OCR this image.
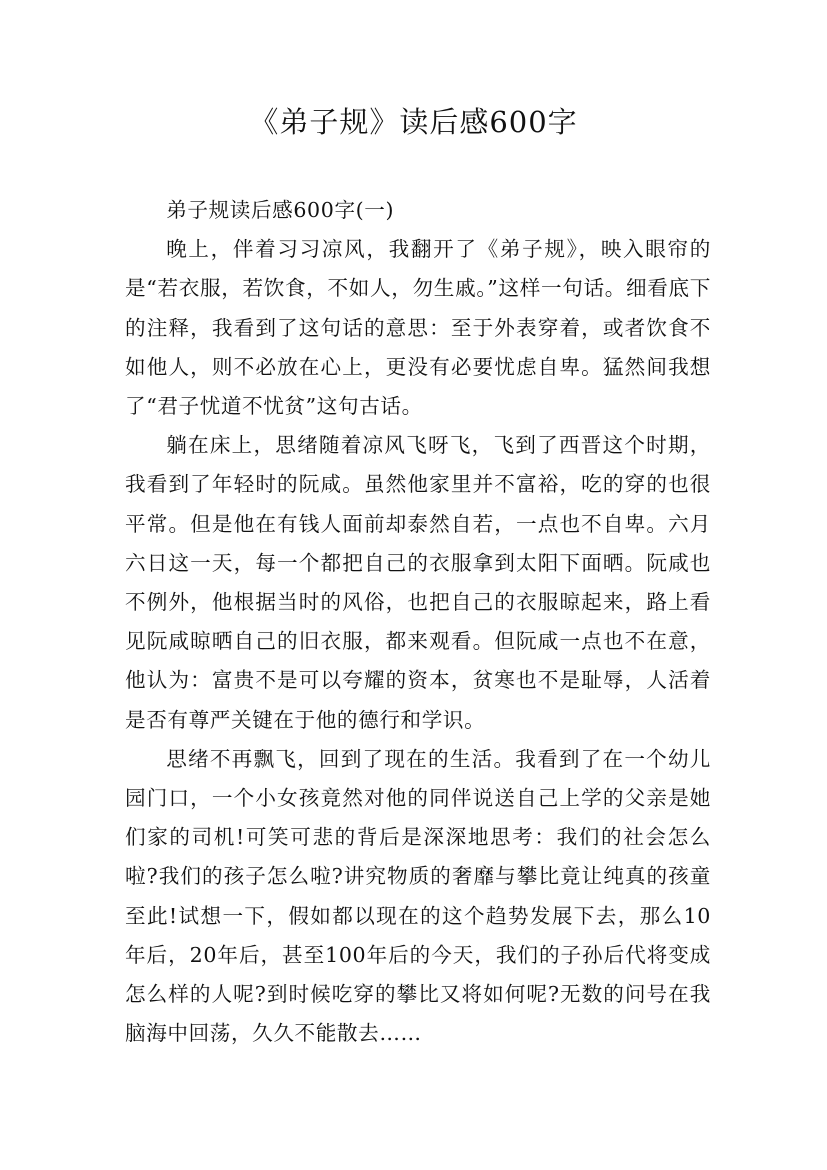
《弟子规》读后感600字

弟子规读后感600字(一)

晚上，伴着习习凉风，我翻开了《弟子规》，映入眼帘的是“若衣服，若饮食，不如人，勿生戚。”这样一句话。细看底下的注释，我看到了这句话的意思：至于外表穿着，或者饮食不如他人，则不必放在心上，更没有必要忧虑自卑。猛然间我想了“君子忧道不忧贫”这句古话。

躺在床上，思绪随着凉风飞呀飞，飞到了西晋这个时期，我看到了年轻时的阮咸。虽然他家里并不富裕，吃的穿的也很平常。但是他在有钱人面前却泰然自若，一点也不自卑。六月六日这一天，每一个都把自己的衣服拿到太阳下面晒。阮咸也不例外，他根据当时的风俗，也把自己的衣服晾起来，路上看见阮咸晾晒自己的旧衣服，都来观看。但阮咸一点也不在意，他认为：富贵不是可以夸耀的资本，贫寒也不是耻辱，人活着是否有尊严关键在于他的德行和学识。

思绪不再飘飞，回到了现在的生活。我看到了在一个幼儿园门口，一个小女孩竟然对他的同伴说送自己上学的父亲是她们家的司机!可笑可悲的背后是深深地思考：我们的社会怎么啦?我们的孩子怎么啦?讲究物质的奢靡与攀比竟让纯真的孩童至此!试想一下，假如都以现在的这个趋势发展下去，那么10年后，20年后，甚至100年后的今天，我们的子孙后代将变成怎么样的人呢?到时候吃穿的攀比又将如何呢?无数的问号在我脑海中回荡，久久不能散去……
